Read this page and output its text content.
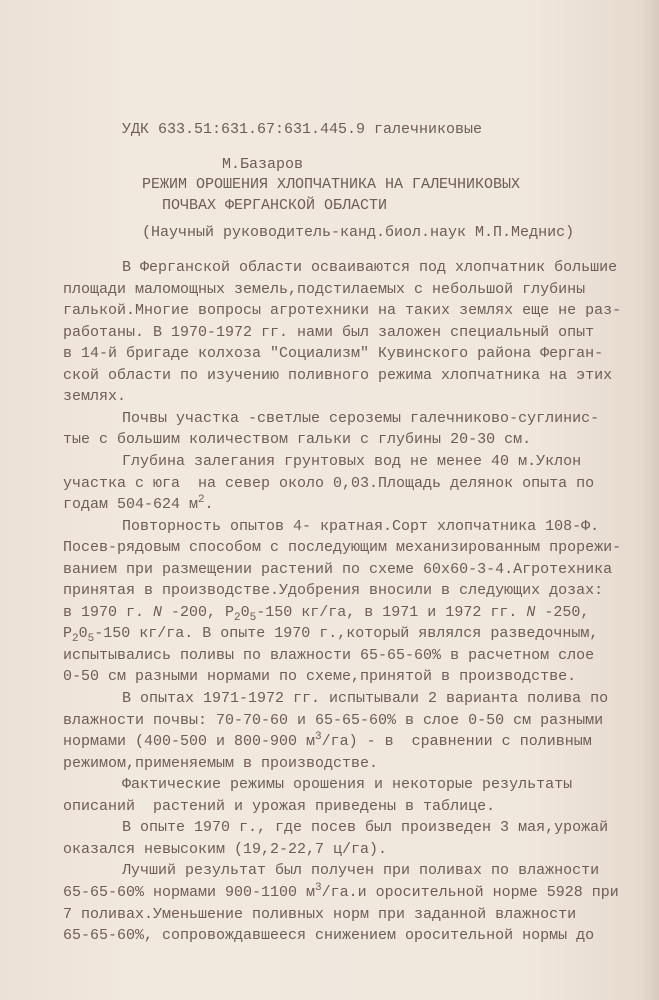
УДК 633.51:631.67:631.445.9 галечниковые
М.Базаров
РЕЖИМ ОРОШЕНИЯ ХЛОПЧАТНИКА НА ГАЛЕЧНИКОВЫХ
ПОЧВАХ ФЕРГАНСКОЙ ОБЛАСТИ
(Научный руководитель-канд.биол.наук М.П.Меднис)
В Ферганской области осваиваются под хлопчатник большие
площади маломощных земель,подстилаемых с небольшой глубины
галькой.Многие вопросы агротехники на таких землях еще не раз-
работаны. В 1970-1972 гг. нами был заложен специальный опыт
в 14-й бригаде колхоза "Социализм" Кувинского района Ферган-
ской области по изучению поливного режима хлопчатника на этих
землях.
Почвы участка -светлые сероземы галечниково-суглинис-
тые с большим количеством гальки с глубины 20-30 см.
Глубина залегания грунтовых вод не менее 40 м.Уклон
участка с юга  на север около 0,03.Площадь делянок опыта по
годам 504-624 $м^2$.
Повторность опытов 4- кратная.Сорт хлопчатника 108-Ф.
Посев-рядовым способом с последующим механизированным прорежи-
ванием при размещении растений по схеме 60х60-3-4.Агротехника
принятая в производстве.Удобрения вносили в следующих дозах:
в 1970 г. N -200, $P_20_5-150$ кг/га, в 1971 и 1972 гг. N -250,
$P_20_5-150$ кг/га. В опыте 1970 г.,который являлся разведочным,
испытывались поливы по влажности 65-65-60% в расчетном слое
0-50 см разными нормами по схеме,принятой в производстве.
В опытах 1971-1972 гг. испытывали 2 варианта полива по
влажности почвы: 70-70-60 и 65-65-60% в слое 0-50 см разными
нормами (400-500 и 800-900 $м^3/га$) - в  сравнении с поливным
режимом,применяемым в производстве.
Фактические режимы орошения и некоторые результаты
описаний  растений и урожая приведены в таблице.
В опыте 1970 г., где посев был произведен 3 мая,урожай
оказался невысоким (19,2-22,7 ц/га).
Лучший результат был получен при поливах по влажности
65-65-60% нормами 900-1100 $м^3/га.и$ оросительной норме 5928 при
7 поливах.Уменьшение поливных норм при заданной влажности
65-65-60%, сопровождавшееся снижением оросительной нормы до
